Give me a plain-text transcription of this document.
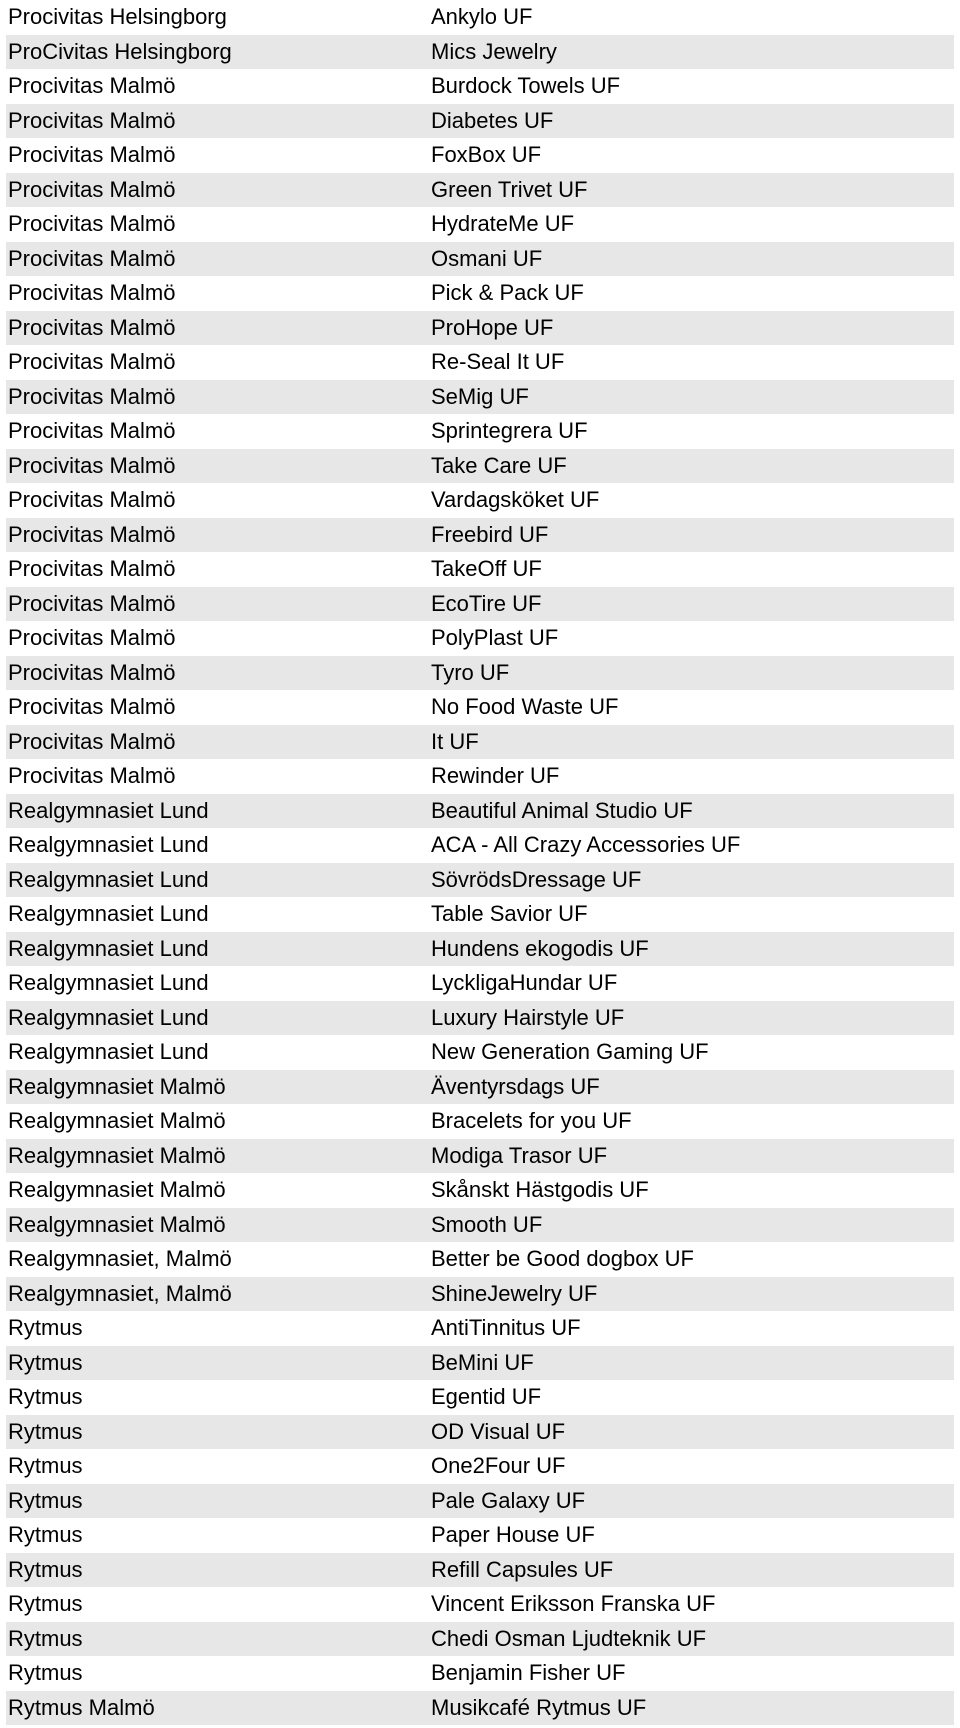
Procivitas Helsingborg	Ankylo UF
ProCivitas Helsingborg	Mics Jewelry
Procivitas Malmö	Burdock Towels UF
Procivitas Malmö	Diabetes UF
Procivitas Malmö	FoxBox UF
Procivitas Malmö	Green Trivet UF
Procivitas Malmö	HydrateMe UF
Procivitas Malmö	Osmani UF
Procivitas Malmö	Pick & Pack UF
Procivitas Malmö	ProHope UF
Procivitas Malmö	Re-Seal It UF
Procivitas Malmö	SeMig UF
Procivitas Malmö	Sprintegrera UF
Procivitas Malmö	Take Care UF
Procivitas Malmö	Vardagsköket UF
Procivitas Malmö	Freebird UF
Procivitas Malmö	TakeOff UF
Procivitas Malmö	EcoTire UF
Procivitas Malmö	PolyPlast UF
Procivitas Malmö	Tyro UF
Procivitas Malmö	No Food Waste UF
Procivitas Malmö	It UF
Procivitas Malmö	Rewinder UF
Realgymnasiet Lund	Beautiful Animal Studio UF
Realgymnasiet Lund	ACA - All Crazy Accessories UF
Realgymnasiet Lund	SövrödsDressage UF
Realgymnasiet Lund	Table Savior UF
Realgymnasiet Lund	Hundens ekogodis UF
Realgymnasiet Lund	LyckligaHundar UF
Realgymnasiet Lund	Luxury Hairstyle UF
Realgymnasiet Lund	New Generation Gaming UF
Realgymnasiet Malmö	Äventyrsdags UF
Realgymnasiet Malmö	Bracelets for you UF
Realgymnasiet Malmö	Modiga Trasor UF
Realgymnasiet Malmö	Skånskt Hästgodis UF
Realgymnasiet Malmö	Smooth UF
Realgymnasiet, Malmö	Better be Good dogbox UF
Realgymnasiet, Malmö	ShineJewelry UF
Rytmus	AntiTinnitus UF
Rytmus	BeMini UF
Rytmus	Egentid UF
Rytmus	OD Visual UF
Rytmus	One2Four UF
Rytmus	Pale Galaxy UF
Rytmus	Paper House UF
Rytmus	Refill Capsules UF
Rytmus	Vincent Eriksson Franska UF
Rytmus	Chedi Osman Ljudteknik UF
Rytmus	Benjamin Fisher UF
Rytmus Malmö	Musikcafé Rytmus UF
